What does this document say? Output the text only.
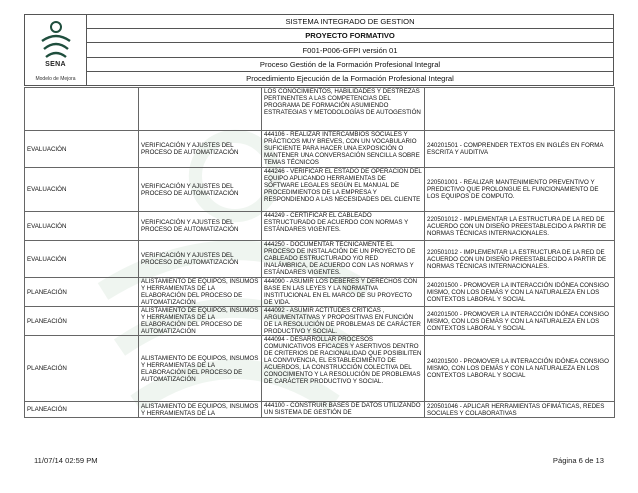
SENA
Modelo de Mejora
SISTEMA INTEGRADO DE GESTION
PROYECTO FORMATIVO
F001-P006-GFPI versión 01
Proceso Gestión de la Formación Profesional Integral
Procedimiento Ejecución de la Formación Profesional Integral
		LOS CONOCIMIENTOS, HABILIDADES Y DESTREZAS PERTINENTES A LAS COMPETENCIAS DEL PROGRAMA DE FORMACIÓN ASUMIENDO ESTRATEGIAS Y METODOLOGÍAS DE AUTOGESTIÓN	
EVALUACIÓN	VERIFICACIÓN Y AJUSTES DEL PROCESO DE AUTOMATIZACIÓN	444106 - REALIZAR INTERCAMBIOS SOCIALES Y PRÁCTICOS MUY BREVES, CON UN VOCABULARIO SUFICIENTE PARA HACER UNA EXPOSICIÓN O MANTENER UNA CONVERSACIÓN SENCILLA SOBRE TEMAS TÉCNICOS	240201501 - COMPRENDER TEXTOS EN INGLÉS EN FORMA ESCRITA Y AUDITIVA
EVALUACIÓN	VERIFICACIÓN Y AJUSTES DEL PROCESO DE AUTOMATIZACIÓN	444246 - VERIFICAR EL ESTADO DE OPERACIÓN DEL EQUIPO APLICANDO HERRAMIENTAS DE SOFTWARE LEGALES SEGÚN EL MANUAL DE PROCEDIMIENTOS DE LA EMPRESA Y RESPONDIENDO A LAS NECESIDADES DEL CLIENTE	220501001 - REALIZAR MANTENIMIENTO PREVENTIVO Y PREDICTIVO QUE PROLONGUE EL FUNCIONAMIENTO DE LOS EQUIPOS DE COMPUTO.
EVALUACIÓN	VERIFICACIÓN Y AJUSTES DEL PROCESO DE AUTOMATIZACIÓN	444249 - CERTIFICAR EL CABLEADO ESTRUCTURADO DE ACUERDO CON NORMAS Y ESTÁNDARES VIGENTES.	220501012 - IMPLEMENTAR LA ESTRUCTURA DE LA RED DE ACUERDO CON UN DISEÑO PREESTABLECIDO A PARTIR DE NORMAS TÉCNICAS INTERNACIONALES.
EVALUACIÓN	VERIFICACIÓN Y AJUSTES DEL PROCESO DE AUTOMATIZACIÓN	444250 - DOCUMENTAR TÉCNICAMENTE EL PROCESO DE INSTALACIÓN DE UN PROYECTO DE CABLEADO ESTRUCTURADO Y/O RED INALÁMBRICA, DE ACUERDO CON LAS NORMAS Y ESTÁNDARES VIGENTES.	220501012 - IMPLEMENTAR LA ESTRUCTURA DE LA RED DE ACUERDO CON UN DISEÑO PREESTABLECIDO A PARTIR DE NORMAS TÉCNICAS INTERNACIONALES.
PLANEACIÓN	ALISTAMIENTO DE EQUIPOS, INSUMOS Y HERRAMIENTAS DE LA ELABORACIÓN DEL PROCESO DE AUTOMATIZACIÓN	444090 - ASUMIR LOS DEBERES Y DERECHOS CON BASE EN LAS LEYES Y LA NORMATIVA INSTITUCIONAL EN EL MARCO DE SU PROYECTO DE VIDA.	240201500 - PROMOVER LA INTERACCIÓN IDÓNEA CONSIGO MISMO, CON LOS DEMÁS Y CON LA NATURALEZA EN LOS CONTEXTOS LABORAL Y SOCIAL
PLANEACIÓN	ALISTAMIENTO DE EQUIPOS, INSUMOS Y HERRAMIENTAS DE LA ELABORACIÓN DEL PROCESO DE AUTOMATIZACIÓN	444092 - ASUMIR ACTITUDES CRÍTICAS , ARGUMENTATIVAS Y PROPOSITIVAS EN FUNCIÓN DE LA RESOLUCIÓN DE PROBLEMAS DE CARÁCTER PRODUCTIVO Y SOCIAL.	240201500 - PROMOVER LA INTERACCIÓN IDÓNEA CONSIGO MISMO, CON LOS DEMÁS Y CON LA NATURALEZA EN LOS CONTEXTOS LABORAL Y SOCIAL
PLANEACIÓN	ALISTAMIENTO DE EQUIPOS, INSUMOS Y HERRAMIENTAS DE LA ELABORACIÓN DEL PROCESO DE AUTOMATIZACIÓN	444094 - DESARROLLAR PROCESOS COMUNICATIVOS EFICACES Y ASERTIVOS DENTRO DE CRITERIOS DE RACIONALIDAD QUE POSIBILITEN LA CONVIVENCIA, EL ESTABLECIMIENTO DE ACUERDOS, LA CONSTRUCCIÓN COLECTIVA DEL CONOCIMIENTO Y LA RESOLUCIÓN DE PROBLEMAS DE CARÁCTER PRODUCTIVO Y SOCIAL.	240201500 - PROMOVER LA INTERACCIÓN IDÓNEA CONSIGO MISMO, CON LOS DEMÁS Y CON LA NATURALEZA EN LOS CONTEXTOS LABORAL Y SOCIAL
PLANEACIÓN	ALISTAMIENTO DE EQUIPOS, INSUMOS Y HERRAMIENTAS DE LA	444100 - CONSTRUIR BASES DE DATOS UTILIZANDO UN SISTEMA DE GESTIÓN DE	220501046 - APLICAR HERRAMIENTAS OFIMÁTICAS, REDES SOCIALES Y COLABORATIVAS
11/07/14 02:59 PM	Página 6 de 13
